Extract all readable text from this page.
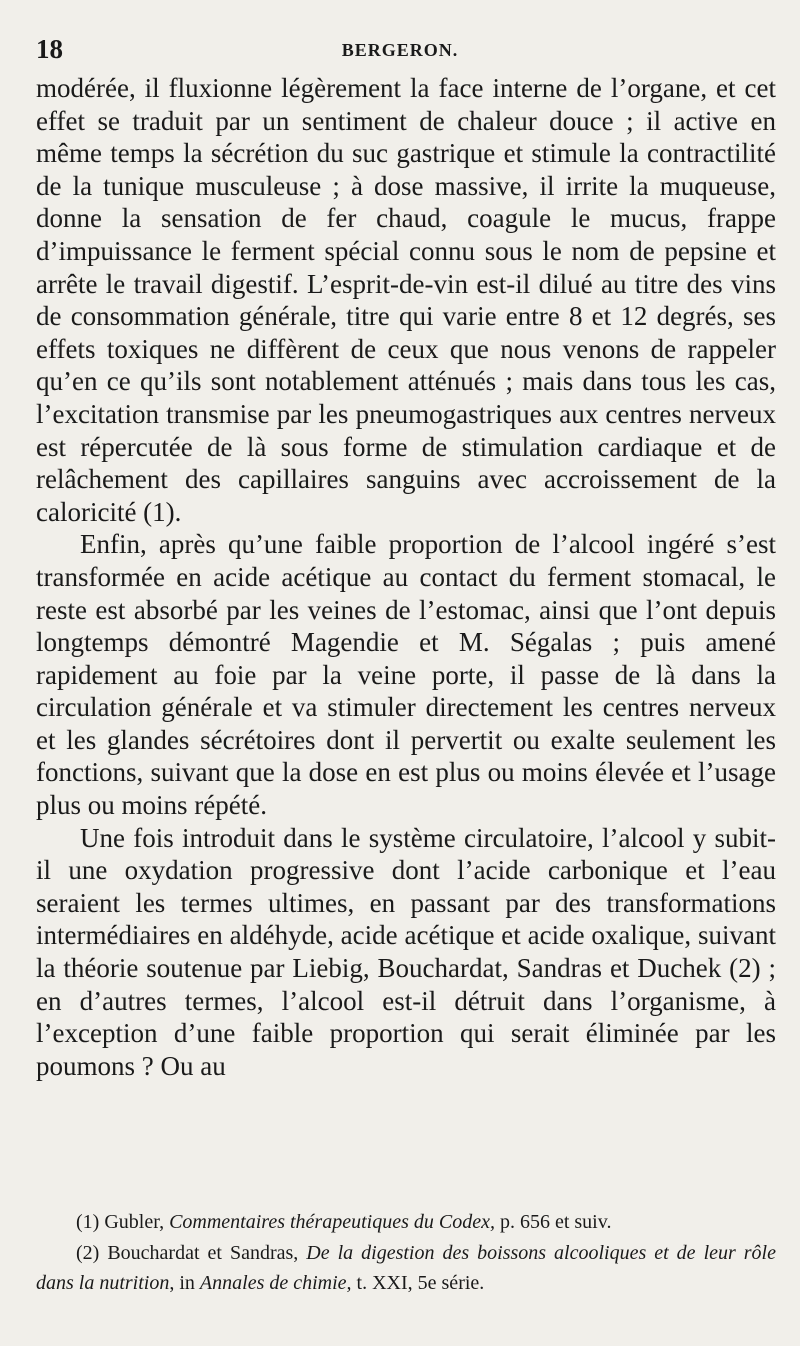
18	BERGERON.

modérée, il fluxionne légèrement la face interne de l’organe, et cet effet se traduit par un sentiment de chaleur douce ; il active en même temps la sécrétion du suc gastrique et stimule la contractilité de la tunique musculeuse ; à dose massive, il irrite la muqueuse, donne la sensation de fer chaud, coagule le mucus, frappe d’impuissance le ferment spécial connu sous le nom de pepsine et arrête le travail digestif. L’esprit-de-vin est-il dilué au titre des vins de consommation générale, titre qui varie entre 8 et 12 degrés, ses effets toxiques ne diffèrent de ceux que nous venons de rappeler qu’en ce qu’ils sont notablement atténués ; mais dans tous les cas, l’excitation transmise par les pneumogastriques aux centres nerveux est répercutée de là sous forme de stimulation cardiaque et de relâchement des capillaires sanguins avec accroissement de la caloricité (1).

Enfin, après qu’une faible proportion de l’alcool ingéré s’est transformée en acide acétique au contact du ferment stomacal, le reste est absorbé par les veines de l’estomac, ainsi que l’ont depuis longtemps démontré Magendie et M. Ségalas ; puis amené rapidement au foie par la veine porte, il passe de là dans la circulation générale et va stimuler directement les centres nerveux et les glandes sécrétoires dont il pervertit ou exalte seulement les fonctions, suivant que la dose en est plus ou moins élevée et l’usage plus ou moins répété.

Une fois introduit dans le système circulatoire, l’alcool y subit-il une oxydation progressive dont l’acide carbonique et l’eau seraient les termes ultimes, en passant par des transformations intermédiaires en aldéhyde, acide acétique et acide oxalique, suivant la théorie soutenue par Liebig, Bouchardat, Sandras et Duchek (2) ; en d’autres termes, l’alcool est-il détruit dans l’organisme, à l’exception d’une faible proportion qui serait éliminée par les poumons ? Ou au

(1) Gubler, Commentaires thérapeutiques du Codex, p. 656 et suiv.

(2) Bouchardat et Sandras, De la digestion des boissons alcooliques et de leur rôle dans la nutrition, in Annales de chimie, t. XXI, 5e série.
